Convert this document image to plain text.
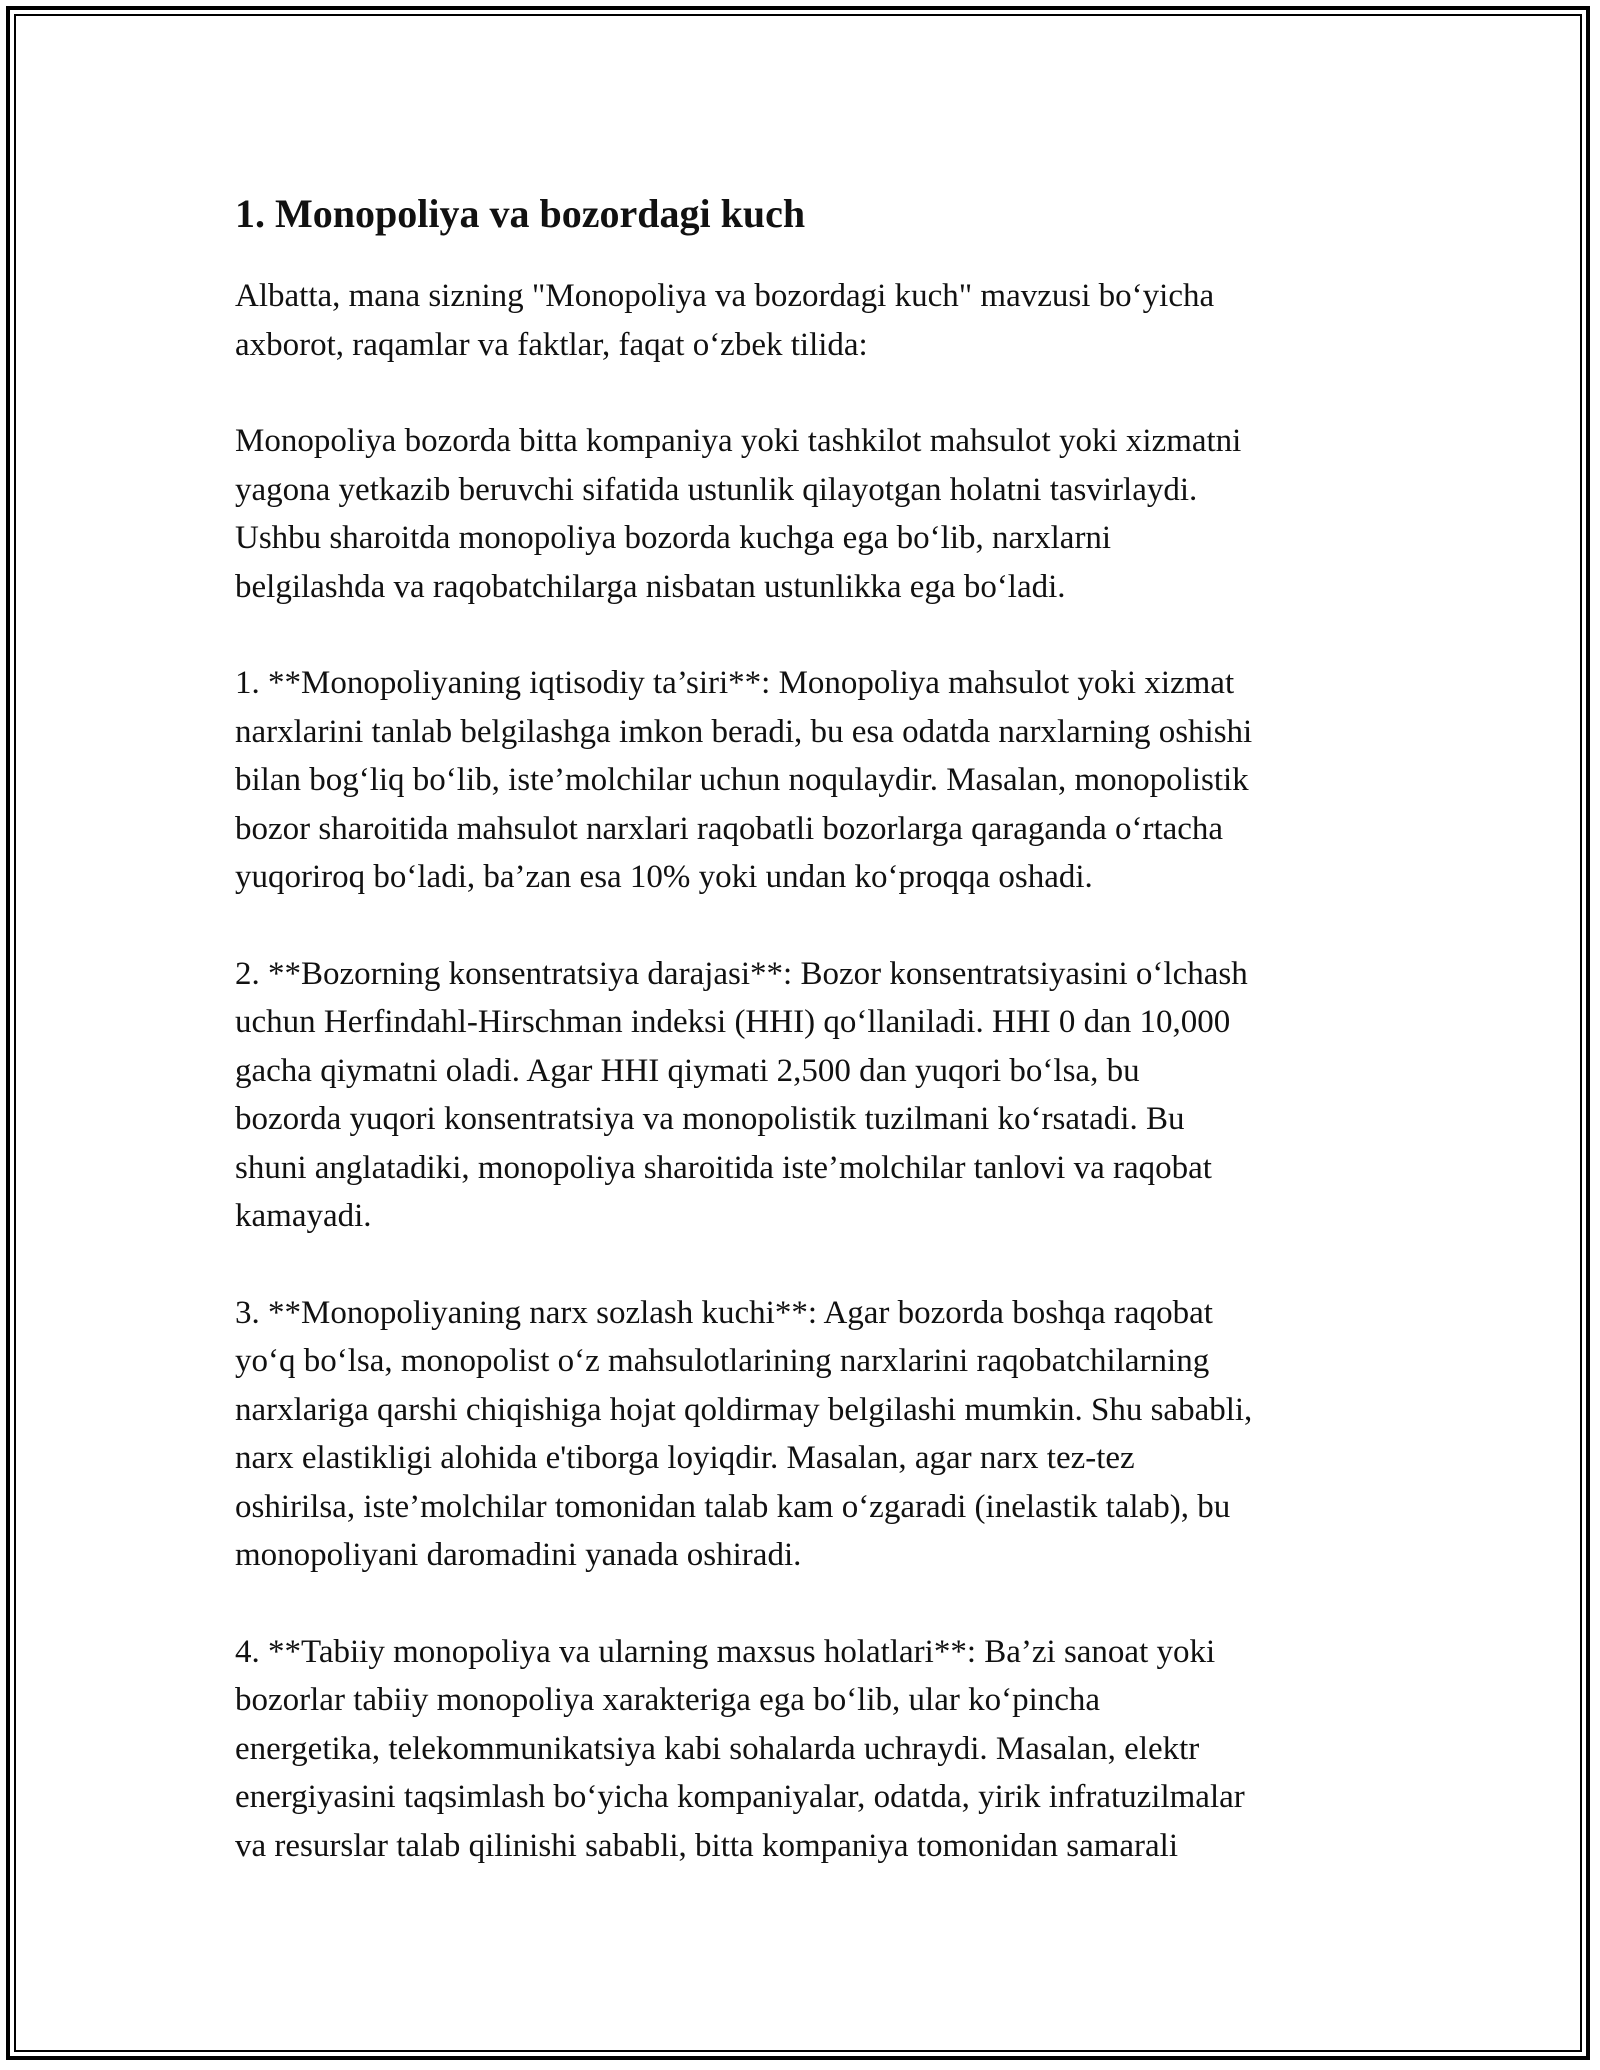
1. Monopoliya va bozordagi kuch

Albatta, mana sizning "Monopoliya va bozordagi kuch" mavzusi bo‘yicha
axborot, raqamlar va faktlar, faqat o‘zbek tilida:

Monopoliya bozorda bitta kompaniya yoki tashkilot mahsulot yoki xizmatni
yagona yetkazib beruvchi sifatida ustunlik qilayotgan holatni tasvirlaydi.
Ushbu sharoitda monopoliya bozorda kuchga ega bo‘lib, narxlarni
belgilashda va raqobatchilarga nisbatan ustunlikka ega bo‘ladi.

1. **Monopoliyaning iqtisodiy ta’siri**: Monopoliya mahsulot yoki xizmat
narxlarini tanlab belgilashga imkon beradi, bu esa odatda narxlarning oshishi
bilan bog‘liq bo‘lib, iste’molchilar uchun noqulaydir. Masalan, monopolistik
bozor sharoitida mahsulot narxlari raqobatli bozorlarga qaraganda o‘rtacha
yuqoriroq bo‘ladi, ba’zan esa 10% yoki undan ko‘proqqa oshadi.

2. **Bozorning konsentratsiya darajasi**: Bozor konsentratsiyasini o‘lchash
uchun Herfindahl-Hirschman indeksi (HHI) qo‘llaniladi. HHI 0 dan 10,000
gacha qiymatni oladi. Agar HHI qiymati 2,500 dan yuqori bo‘lsa, bu
bozorda yuqori konsentratsiya va monopolistik tuzilmani ko‘rsatadi. Bu
shuni anglatadiki, monopoliya sharoitida iste’molchilar tanlovi va raqobat
kamayadi.

3. **Monopoliyaning narx sozlash kuchi**: Agar bozorda boshqa raqobat
yo‘q bo‘lsa, monopolist o‘z mahsulotlarining narxlarini raqobatchilarning
narxlariga qarshi chiqishiga hojat qoldirmay belgilashi mumkin. Shu sababli,
narx elastikligi alohida e'tiborga loyiqdir. Masalan, agar narx tez-tez
oshirilsa, iste’molchilar tomonidan talab kam o‘zgaradi (inelastik talab), bu
monopoliyani daromadini yanada oshiradi.

4. **Tabiiy monopoliya va ularning maxsus holatlari**: Ba’zi sanoat yoki
bozorlar tabiiy monopoliya xarakteriga ega bo‘lib, ular ko‘pincha
energetika, telekommunikatsiya kabi sohalarda uchraydi. Masalan, elektr
energiyasini taqsimlash bo‘yicha kompaniyalar, odatda, yirik infratuzilmalar
va resurslar talab qilinishi sababli, bitta kompaniya tomonidan samarali
